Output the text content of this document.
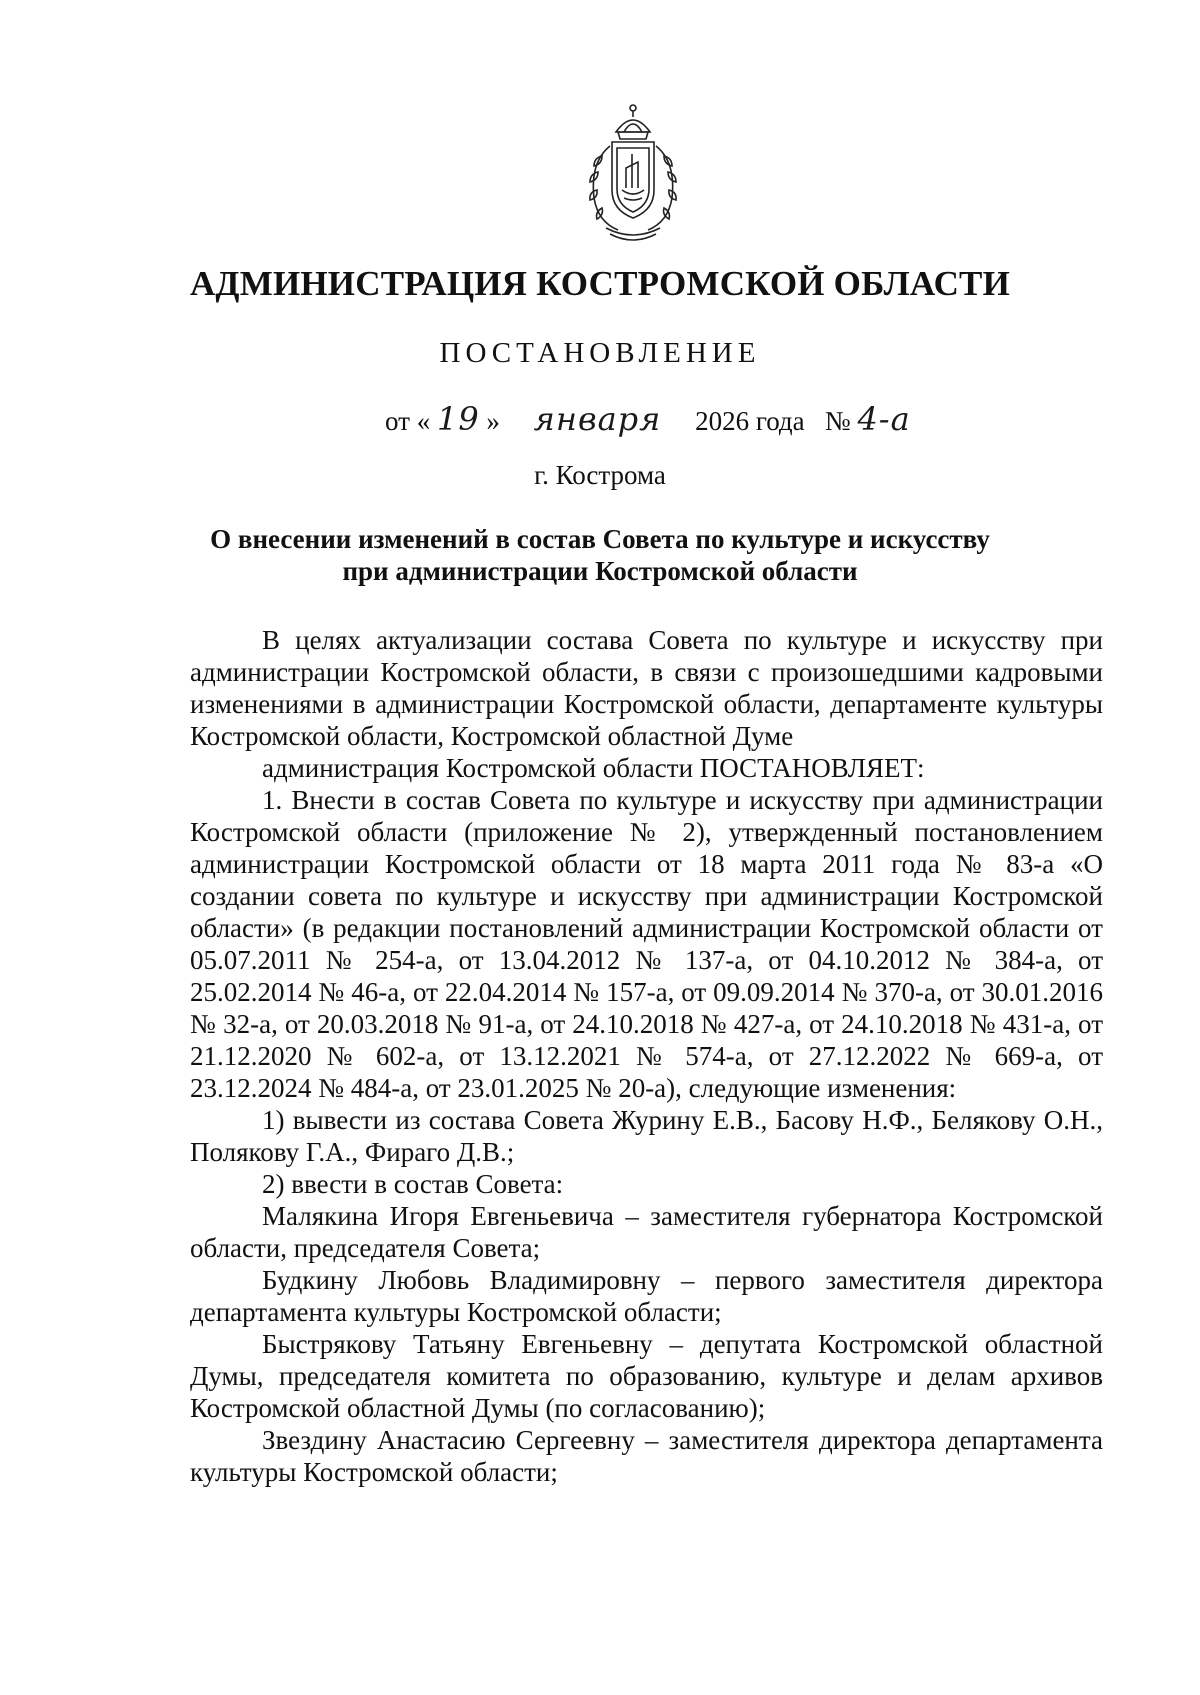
АДМИНИСТРАЦИЯ КОСТРОМСКОЙ ОБЛАСТИ
ПОСТАНОВЛЕНИЕ
от « 19 » января 2026 года № 4-а
г. Кострома
О внесении изменений в состав Совета по культуре и искусству
при администрации Костромской области

В целях актуализации состава Совета по культуре и искусству при администрации Костромской области, в связи с произошедшими кадровыми изменениями в администрации Костромской области, департаменте культуры Костромской области, Костромской областной Думе

администрация Костромской области ПОСТАНОВЛЯЕТ:

1. Внести в состав Совета по культуре и искусству при администрации Костромской области (приложение № 2), утвержденный постановлением администрации Костромской области от 18 марта 2011 года № 83-а «О создании совета по культуре и искусству при администрации Костромской области» (в редакции постановлений администрации Костромской области от 05.07.2011 № 254-а, от 13.04.2012 № 137-а, от 04.10.2012 № 384-а, от 25.02.2014 № 46-а, от 22.04.2014 № 157-а, от 09.09.2014 № 370-а, от 30.01.2016 № 32-а, от 20.03.2018 № 91-а, от 24.10.2018 № 427-а, от 24.10.2018 № 431-а, от 21.12.2020 № 602-а, от 13.12.2021 № 574-а, от 27.12.2022 № 669-а, от 23.12.2024 № 484-а, от 23.01.2025 № 20-а), следующие изменения:

1) вывести из состава Совета Журину Е.В., Басову Н.Ф., Белякову О.Н., Полякову Г.А., Фираго Д.В.;

2) ввести в состав Совета:

Малякина Игоря Евгеньевича – заместителя губернатора Костромской области, председателя Совета;

Будкину Любовь Владимировну – первого заместителя директора департамента культуры Костромской области;

Быстрякову Татьяну Евгеньевну – депутата Костромской областной Думы, председателя комитета по образованию, культуре и делам архивов Костромской областной Думы (по согласованию);

Звездину Анастасию Сергеевну – заместителя директора департамента культуры Костромской области;
